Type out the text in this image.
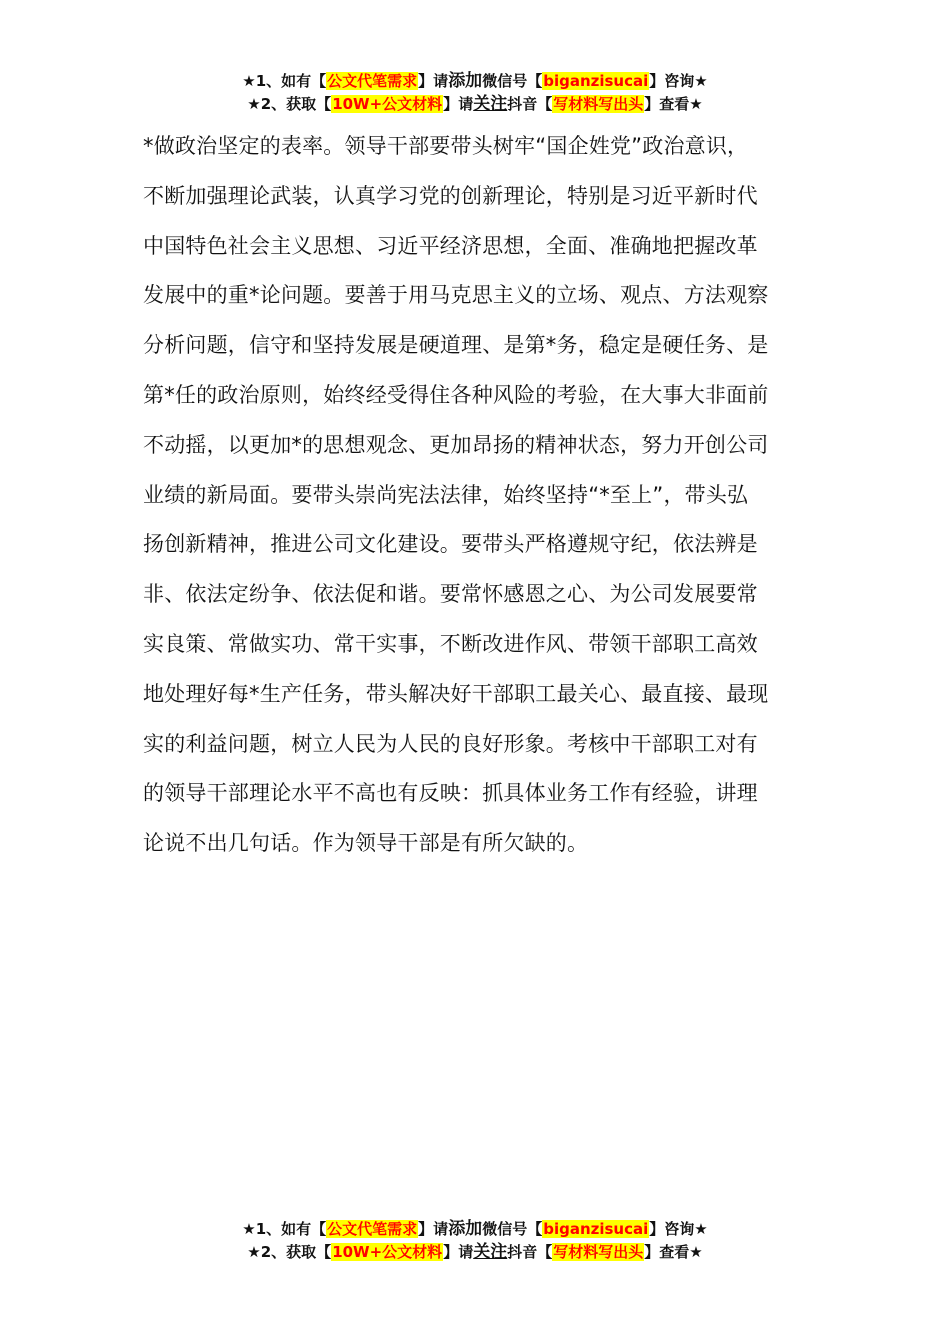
★1、如有【公文代笔需求】请添加微信号【biganzisucai】咨询★
★2、获取【10W+公文材料】请关注抖音【写材料写出头】查看★
*做政治坚定的表率。领导干部要带头树牢“国企姓党”政治意识，
不断加强理论武装，认真学习党的创新理论，特别是习近平新时代
中国特色社会主义思想、习近平经济思想，全面、准确地把握改革
发展中的重*论问题。要善于用马克思主义的立场、观点、方法观察
分析问题，信守和坚持发展是硬道理、是第*务，稳定是硬任务、是
第*任的政治原则，始终经受得住各种风险的考验，在大事大非面前
不动摇，以更加*的思想观念、更加昂扬的精神状态，努力开创公司
业绩的新局面。要带头崇尚宪法法律，始终坚持“*至上”，带头弘
扬创新精神，推进公司文化建设。要带头严格遵规守纪，依法辨是
非、依法定纷争、依法促和谐。要常怀感恩之心、为公司发展要常
实良策、常做实功、常干实事，不断改进作风、带领干部职工高效
地处理好每*生产任务，带头解决好干部职工最关心、最直接、最现
实的利益问题，树立人民为人民的良好形象。考核中干部职工对有
的领导干部理论水平不高也有反映：抓具体业务工作有经验，讲理
论说不出几句话。作为领导干部是有所欠缺的。
★1、如有【公文代笔需求】请添加微信号【biganzisucai】咨询★
★2、获取【10W+公文材料】请关注抖音【写材料写出头】查看★
